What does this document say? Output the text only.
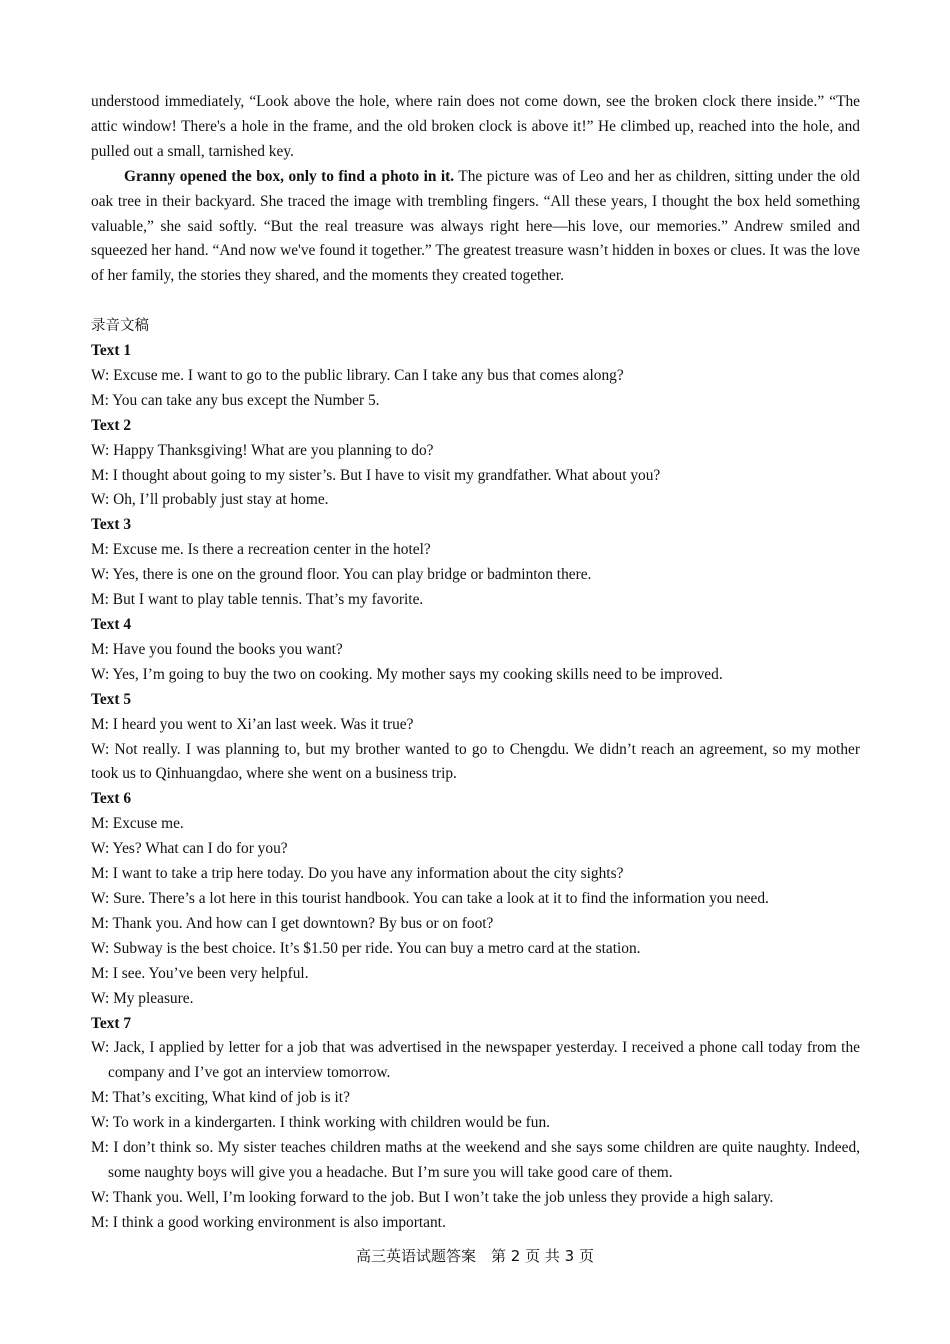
understood immediately, “Look above the hole, where rain does not come down, see the broken clock there inside.” “The attic window! There's a hole in the frame, and the old broken clock is above it!” He climbed up, reached into the hole, and pulled out a small, tarnished key.
Granny opened the box, only to find a photo in it. The picture was of Leo and her as children, sitting under the old oak tree in their backyard. She traced the image with trembling fingers. “All these years, I thought the box held something valuable,” she said softly. “But the real treasure was always right here—his love, our memories.” Andrew smiled and squeezed her hand. “And now we've found it together.” The greatest treasure wasn’t hidden in boxes or clues. It was the love of her family, the stories they shared, and the moments they created together.
录音文稿
Text 1
W: Excuse me. I want to go to the public library. Can I take any bus that comes along?
M: You can take any bus except the Number 5.
Text 2
W: Happy Thanksgiving! What are you planning to do?
M: I thought about going to my sister’s. But I have to visit my grandfather. What about you?
W: Oh, I’ll probably just stay at home.
Text 3
M: Excuse me. Is there a recreation center in the hotel?
W: Yes, there is one on the ground floor. You can play bridge or badminton there.
M: But I want to play table tennis. That’s my favorite.
Text 4
M: Have you found the books you want?
W: Yes, I’m going to buy the two on cooking. My mother says my cooking skills need to be improved.
Text 5
M: I heard you went to Xi’an last week. Was it true?
W: Not really. I was planning to, but my brother wanted to go to Chengdu. We didn’t reach an agreement, so my mother took us to Qinhuangdao, where she went on a business trip.
Text 6
M: Excuse me.
W: Yes? What can I do for you?
M: I want to take a trip here today. Do you have any information about the city sights?
W: Sure. There’s a lot here in this tourist handbook. You can take a look at it to find the information you need.
M: Thank you. And how can I get downtown? By bus or on foot?
W: Subway is the best choice. It’s $1.50 per ride. You can buy a metro card at the station.
M: I see. You’ve been very helpful.
W: My pleasure.
Text 7
W: Jack, I applied by letter for a job that was advertised in the newspaper yesterday. I received a phone call today from the company and I’ve got an interview tomorrow.
M: That’s exciting, What kind of job is it?
W: To work in a kindergarten. I think working with children would be fun.
M: I don’t think so. My sister teaches children maths at the weekend and she says some children are quite naughty. Indeed, some naughty boys will give you a headache. But I’m sure you will take good care of them.
W: Thank you. Well, I’m looking forward to the job. But I won’t take the job unless they provide a high salary.
M: I think a good working environment is also important.
高三英语试题答案　第 2 页 共 3 页
